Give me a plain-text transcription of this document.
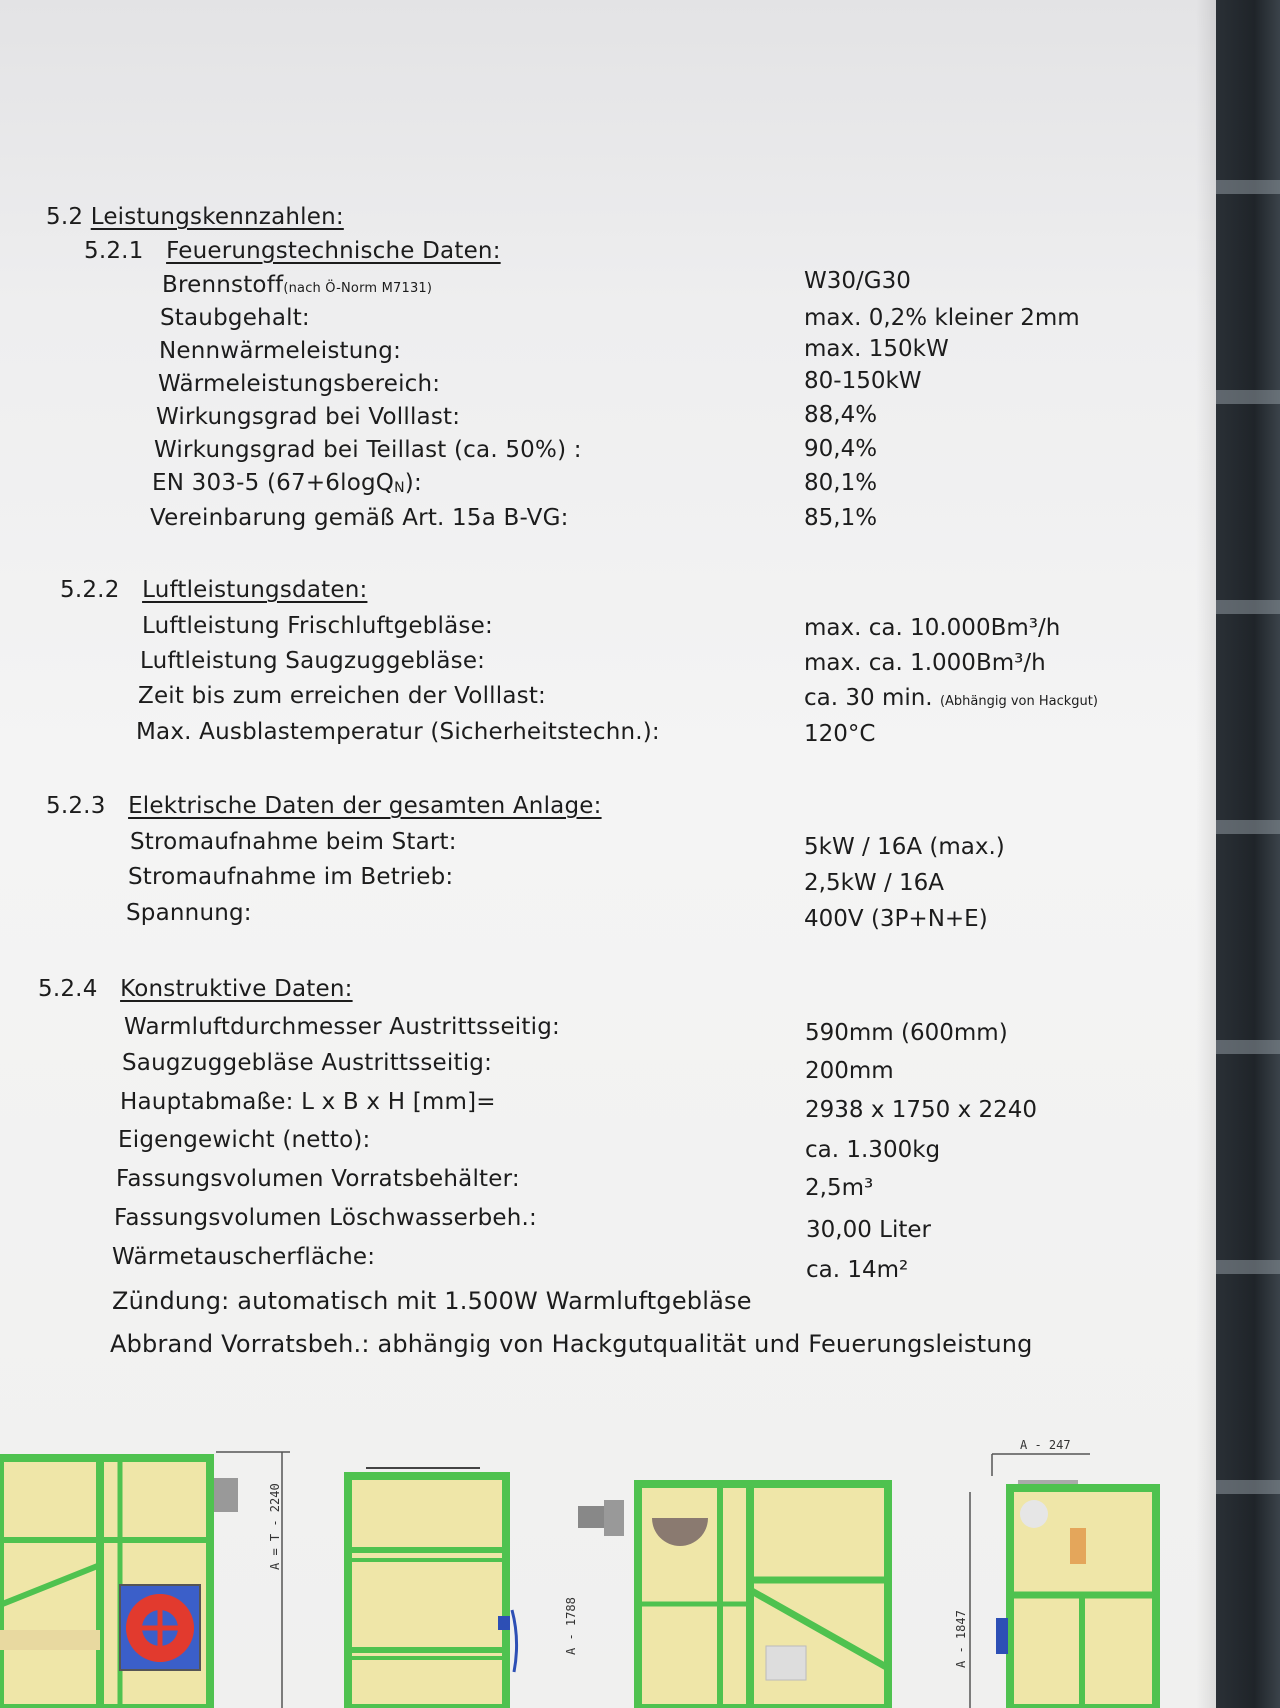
5.2 Leistungskennzahlen:
5.2.1 Feuerungstechnische Daten:
Brennstoff(nach Ö-Norm M7131)	W30/G30
Staubgehalt:	max. 0,2% kleiner 2mm
Nennwärmeleistung:	max. 150kW
Wärmeleistungsbereich:	80-150kW
Wirkungsgrad bei Volllast:	88,4%
Wirkungsgrad bei Teillast (ca. 50%) :	90,4%
EN 303-5 (67+6logQN):	80,1%
Vereinbarung gemäß Art. 15a B-VG:	85,1%
5.2.2 Luftleistungsdaten:
Luftleistung Frischluftgebläse:	max. ca. 10.000Bm³/h
Luftleistung Saugzuggebläse:	max. ca. 1.000Bm³/h
Zeit bis zum erreichen der Volllast:	ca. 30 min. (Abhängig von Hackgut)
Max. Ausblastemperatur (Sicherheitstechn.):	120°C
5.2.3 Elektrische Daten der gesamten Anlage:
Stromaufnahme beim Start:	5kW / 16A (max.)
Stromaufnahme im Betrieb:	2,5kW / 16A
Spannung:	400V (3P+N+E)
5.2.4 Konstruktive Daten:
Warmluftdurchmesser Austrittsseitig:	590mm (600mm)
Saugzuggebläse Austrittsseitig:	200mm
Hauptabmaße: L x B x H [mm]=	2938 x 1750 x 2240
Eigengewicht (netto):	ca. 1.300kg
Fassungsvolumen Vorratsbehälter:	2,5m³
Fassungsvolumen Löschwasserbeh.:	30,00 Liter
Wärmetauscherfläche:	ca. 14m²
Zündung: automatisch mit 1.500W Warmluftgebläse
Abbrand Vorratsbeh.: abhängig von Hackgutqualität und Feuerungsleistung
A = T - 2240
A - 1788
A - 247
A - 1847
